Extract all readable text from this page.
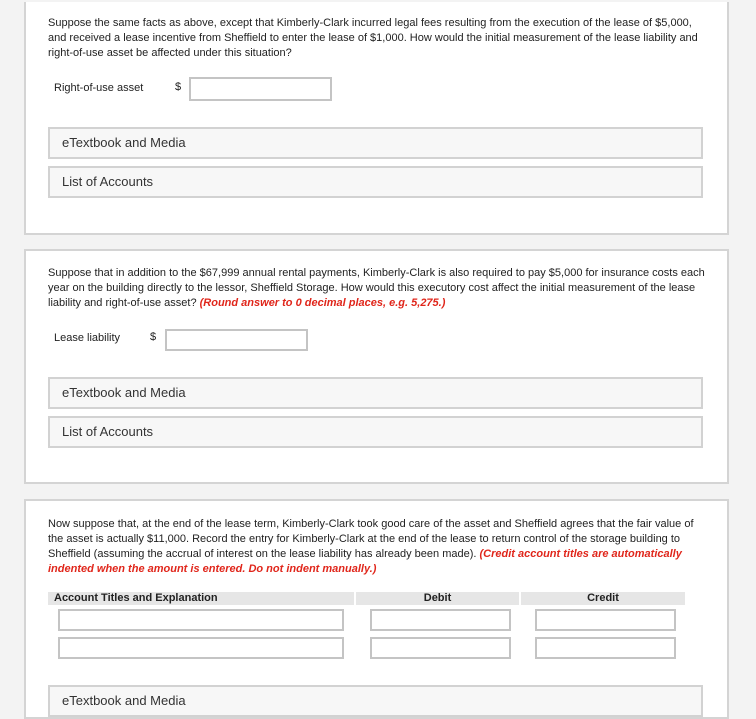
Suppose the same facts as above, except that Kimberly-Clark incurred legal fees resulting from the execution of the lease of $5,000, and received a lease incentive from Sheffield to enter the lease of $1,000. How would the initial measurement of the lease liability and right-of-use asset be affected under this situation?
Right-of-use asset	$
eTextbook and Media
List of Accounts
Suppose that in addition to the $67,999 annual rental payments, Kimberly-Clark is also required to pay $5,000 for insurance costs each year on the building directly to the lessor, Sheffield Storage. How would this executory cost affect the initial measurement of the lease liability and right-of-use asset? (Round answer to 0 decimal places, e.g. 5,275.)
Lease liability	$
eTextbook and Media
List of Accounts
Now suppose that, at the end of the lease term, Kimberly-Clark took good care of the asset and Sheffield agrees that the fair value of the asset is actually $11,000. Record the entry for Kimberly-Clark at the end of the lease to return control of the storage building to Sheffield (assuming the accrual of interest on the lease liability has already been made). (Credit account titles are automatically indented when the amount is entered. Do not indent manually.)
Account Titles and Explanation	Debit	Credit
eTextbook and Media
